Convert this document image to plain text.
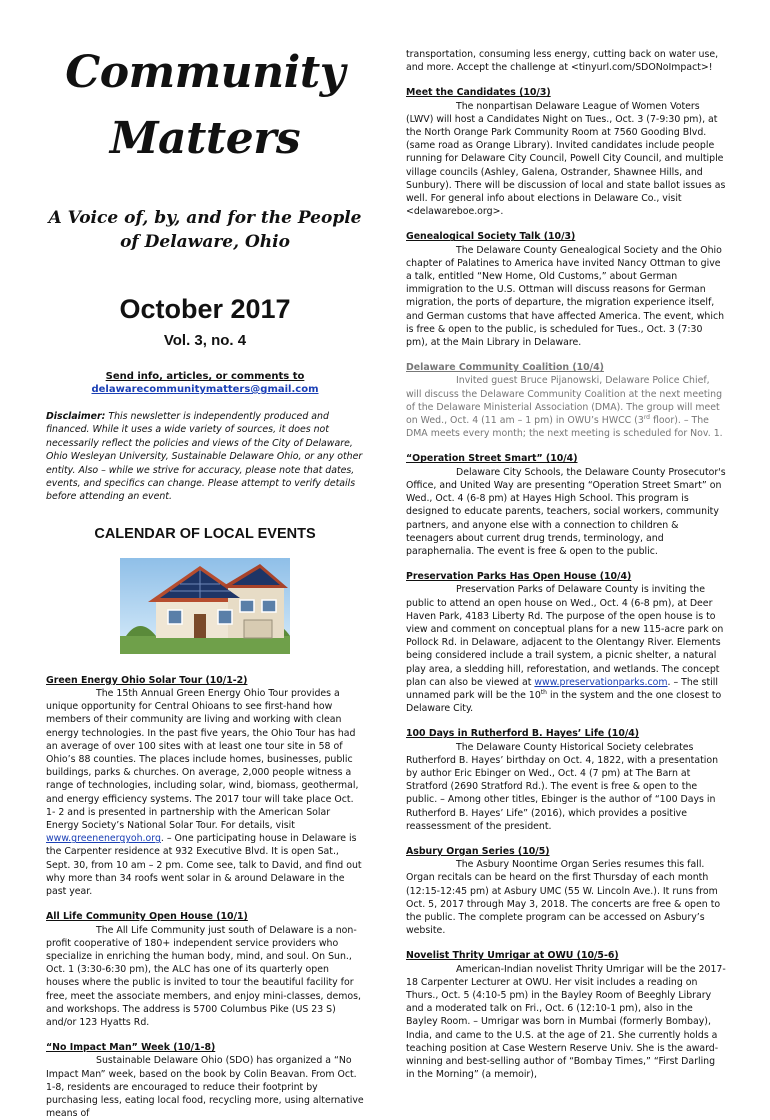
Community
Matters
A Voice of, by, and for the People
of Delaware, Ohio
October 2017
Vol. 3, no. 4
Send info, articles, or comments to
delawarecommunitymatters@gmail.com
Disclaimer: This newsletter is independently produced and financed. While it uses a wide variety of sources, it does not necessarily reflect the policies and views of the City of Delaware, Ohio Wesleyan University, Sustainable Delaware Ohio, or any other entity. Also – while we strive for accuracy, please note that dates, events, and specifics can change. Please attempt to verify details before attending an event.
CALENDAR OF LOCAL EVENTS
Green Energy Ohio Solar Tour (10/1-2)
The 15th Annual Green Energy Ohio Tour provides a unique opportunity for Central Ohioans to see first-hand how members of their community are living and working with clean energy technologies. In the past five years, the Ohio Tour has had an average of over 100 sites with at least one tour site in 58 of Ohio’s 88 counties. The places include homes, businesses, public buildings, parks & churches. On average, 2,000 people witness a range of technologies, including solar, wind, biomass, geothermal, and energy efficiency systems. The 2017 tour will take place Oct. 1- 2 and is presented in partnership with the American Solar Energy Society’s National Solar Tour. For details, visit www.greenenergyoh.org. – One participating house in Delaware is the Carpenter residence at 932 Executive Blvd. It is open Sat., Sept. 30, from 10 am – 2 pm. Come see, talk to David, and find out why more than 34 roofs went solar in & around Delaware in the past year.
All Life Community Open House (10/1)
The All Life Community just south of Delaware is a non-profit cooperative of 180+ independent service providers who specialize in enriching the human body, mind, and soul. On Sun., Oct. 1 (3:30-6:30 pm), the ALC has one of its quarterly open houses where the public is invited to tour the beautiful facility for free, meet the associate members, and enjoy mini-classes, demos, and workshops. The address is 5700 Columbus Pike (US 23 S) and/or 123 Hyatts Rd.
“No Impact Man” Week (10/1-8)
Sustainable Delaware Ohio (SDO) has organized a “No Impact Man” week, based on the book by Colin Beavan. From Oct. 1-8, residents are encouraged to reduce their footprint by purchasing less, eating local food, recycling more, using alternative means of
transportation, consuming less energy, cutting back on water use, and more. Accept the challenge at <tinyurl.com/SDONoImpact>!
Meet the Candidates (10/3)
The nonpartisan Delaware League of Women Voters (LWV) will host a Candidates Night on Tues., Oct. 3 (7-9:30 pm), at the North Orange Park Community Room at 7560 Gooding Blvd. (same road as Orange Library). Invited candidates include people running for Delaware City Council, Powell City Council, and multiple village councils (Ashley, Galena, Ostrander, Shawnee Hills, and Sunbury). There will be discussion of local and state ballot issues as well. For general info about elections in Delaware Co., visit <delawareboe.org>.
Genealogical Society Talk (10/3)
The Delaware County Genealogical Society and the Ohio chapter of Palatines to America have invited Nancy Ottman to give a talk, entitled “New Home, Old Customs,” about German immigration to the U.S. Ottman will discuss reasons for German migration, the ports of departure, the migration experience itself, and German customs that have affected America. The event, which is free & open to the public, is scheduled for Tues., Oct. 3 (7:30 pm), at the Main Library in Delaware.
Delaware Community Coalition (10/4)
Invited guest Bruce Pijanowski, Delaware Police Chief, will discuss the Delaware Community Coalition at the next meeting of the Delaware Ministerial Association (DMA). The group will meet on Wed., Oct. 4 (11 am – 1 pm) in OWU’s HWCC (3rd floor). – The DMA meets every month; the next meeting is scheduled for Nov. 1.
“Operation Street Smart” (10/4)
Delaware City Schools, the Delaware County Prosecutor's Office, and United Way are presenting “Operation Street Smart” on Wed., Oct. 4 (6-8 pm) at Hayes High School. This program is designed to educate parents, teachers, social workers, community partners, and anyone else with a connection to children & teenagers about current drug trends, terminology, and paraphernalia. The event is free & open to the public.
Preservation Parks Has Open House (10/4)
Preservation Parks of Delaware County is inviting the public to attend an open house on Wed., Oct. 4 (6-8 pm), at Deer Haven Park, 4183 Liberty Rd. The purpose of the open house is to view and comment on conceptual plans for a new 115-acre park on Pollock Rd. in Delaware, adjacent to the Olentangy River. Elements being considered include a trail system, a picnic shelter, a natural play area, a sledding hill, reforestation, and wetlands. The concept plan can also be viewed at www.preservationparks.com. – The still unnamed park will be the 10th in the system and the one closest to Delaware City.
100 Days in Rutherford B. Hayes’ Life (10/4)
The Delaware County Historical Society celebrates Rutherford B. Hayes’ birthday on Oct. 4, 1822, with a presentation by author Eric Ebinger on Wed., Oct. 4 (7 pm) at The Barn at Stratford (2690 Stratford Rd.). The event is free & open to the public. – Among other titles, Ebinger is the author of “100 Days in Rutherford B. Hayes’ Life” (2016), which provides a positive reassessment of the president.
Asbury Organ Series (10/5)
The Asbury Noontime Organ Series resumes this fall. Organ recitals can be heard on the first Thursday of each month (12:15-12:45 pm) at Asbury UMC (55 W. Lincoln Ave.). It runs from Oct. 5, 2017 through May 3, 2018. The concerts are free & open to the public. The complete program can be accessed on Asbury’s website.
Novelist Thrity Umrigar at OWU (10/5-6)
American-Indian novelist Thrity Umrigar will be the 2017-18 Carpenter Lecturer at OWU. Her visit includes a reading on Thurs., Oct. 5 (4:10-5 pm) in the Bayley Room of Beeghly Library and a moderated talk on Fri., Oct. 6 (12:10-1 pm), also in the Bayley Room. – Umrigar was born in Mumbai (formerly Bombay), India, and came to the U.S. at the age of 21. She currently holds a teaching position at Case Western Reserve Univ. She is the award-winning and best-selling author of “Bombay Times,” “First Darling in the Morning” (a memoir),
